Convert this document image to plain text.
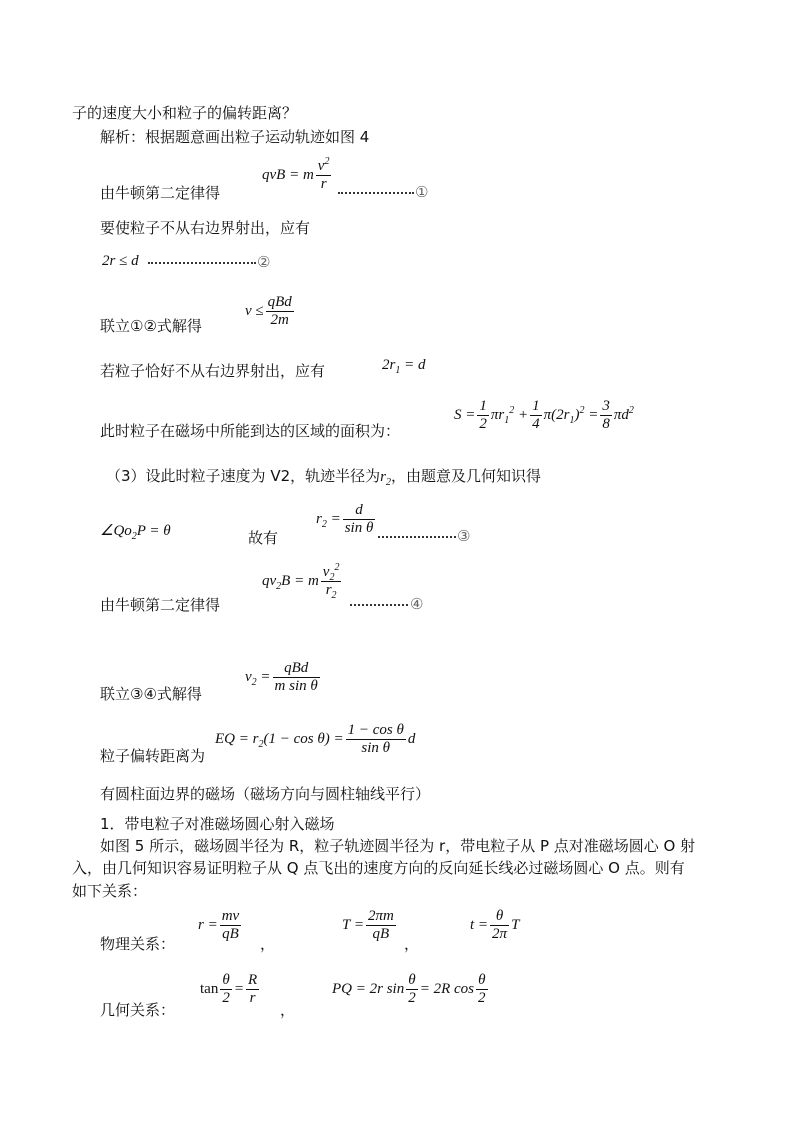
子的速度大小和粒子的偏转距离？
解析：根据题意画出粒子运动轨迹如图 4
由牛顿第二定律得
qvB = m $\frac{v^2}{r}$	①
要使粒子不从右边界射出，应有
2r ≤ d	②
联立①②式解得
$v \le \frac{\text{qBd}}{2m}$
若粒子恰好不从右边界射出，应有	$2r_1 = d$
此时粒子在磁场中所能到达的区域的面积为：
$S = \frac{1}{2} \pi r_1^2 + \frac{1}{4} \pi(2r_1)^2 = \frac{3}{8} \pi d^2$
（3）设此时粒子速度为 V2，轨迹半径为$r_2$，由题意及几何知识得
$\angle Qo_2P = \theta$	故有
$r_2 = \frac{d}{\text{sin θ}}$	③
由牛顿第二定律得
$qv_2B = m \frac{v_2^2}{r_2}$
④
联立③④式解得
$v_2 = \frac{\text{qBd}}{\text{m sin θ}}$
粒子偏转距离为
EQ = $r_2(1 - \cos \theta) = \frac{\text{1 − cos θ}}{\text{sin θ}}$ d
有圆柱面边界的磁场（磁场方向与圆柱轴线平行）
1．带电粒子对准磁场圆心射入磁场
如图 5 所示，磁场圆半径为 R，粒子轨迹圆半径为 r，带电粒子从 P 点对准磁场圆心 O 射
入，由几何知识容易证明粒子从 Q 点飞出的速度方向的反向延长线必过磁场圆心 O 点。则有
如下关系：
物理关系：
$r = \frac{mv}{qB}$
，
$T = \frac{2\pi m}{qB}$
，
$t = \frac{\theta}{2\pi}$ T
几何关系：
$\tan \frac{\theta}{2} = \frac{R}{r}$
，
PQ = 2r $\sin \frac{\theta}{2} = 2R$ $\cos \frac{\theta}{2}$
